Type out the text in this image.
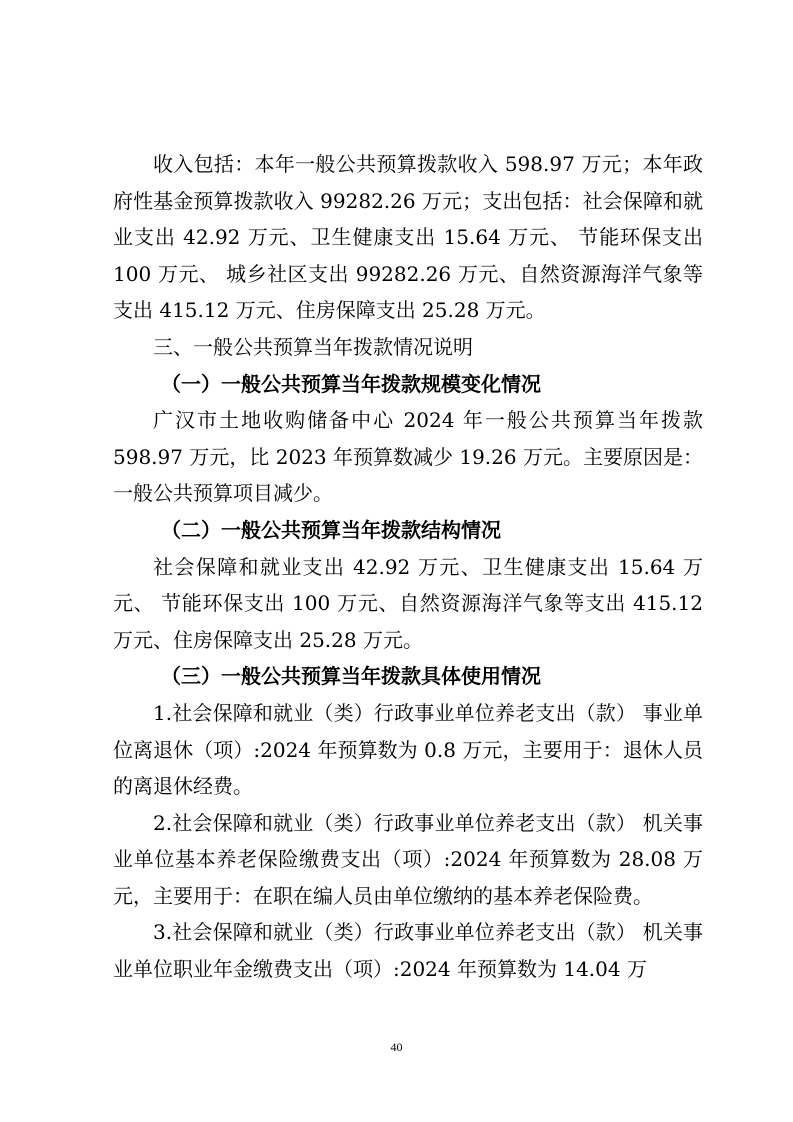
收入包括：本年一般公共预算拨款收入 598.97 万元；本年政府性基金预算拨款收入 99282.26 万元；支出包括：社会保障和就业支出 42.92 万元、卫生健康支出 15.64 万元、 节能环保支出 100 万元、 城乡社区支出 99282.26 万元、自然资源海洋气象等支出 415.12 万元、住房保障支出 25.28 万元。

三、一般公共预算当年拨款情况说明

（一）一般公共预算当年拨款规模变化情况

广汉市土地收购储备中心 2024 年一般公共预算当年拨款 598.97 万元，比 2023 年预算数减少 19.26 万元。主要原因是：一般公共预算项目减少。

（二）一般公共预算当年拨款结构情况

社会保障和就业支出 42.92 万元、卫生健康支出 15.64 万元、 节能环保支出 100 万元、自然资源海洋气象等支出 415.12 万元、住房保障支出 25.28 万元。

（三）一般公共预算当年拨款具体使用情况

1.社会保障和就业（类）行政事业单位养老支出（款） 事业单位离退休（项）:2024 年预算数为 0.8 万元，主要用于：退休人员的离退休经费。

2.社会保障和就业（类）行政事业单位养老支出（款） 机关事业单位基本养老保险缴费支出（项）:2024 年预算数为 28.08 万元，主要用于：在职在编人员由单位缴纳的基本养老保险费。

3.社会保障和就业（类）行政事业单位养老支出（款） 机关事业单位职业年金缴费支出（项）:2024 年预算数为 14.04 万

40
